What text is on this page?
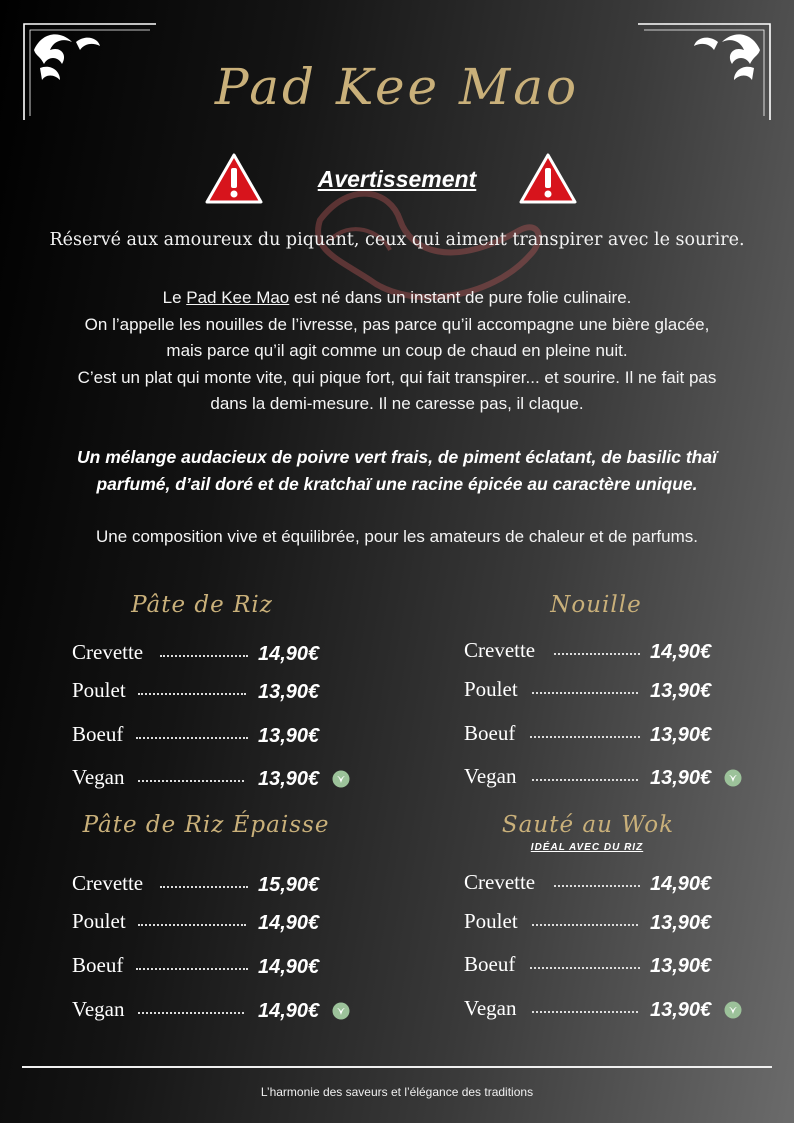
Pad Kee Mao
Avertissement
Réservé aux amoureux du piquant, ceux qui aiment transpirer avec le sourire.
Le Pad Kee Mao est né dans un instant de pure folie culinaire.
On l’appelle les nouilles de l’ivresse, pas parce qu’il accompagne une bière glacée,
mais parce qu’il agit comme un coup de chaud en pleine nuit.
C’est un plat qui monte vite, qui pique fort, qui fait transpirer... et sourire. Il ne fait pas
dans la demi-mesure. Il ne caresse pas, il claque.
Un mélange audacieux de poivre vert frais, de piment éclatant, de basilic thaï
parfumé, d’ail doré et de kratchaï une racine épicée au caractère unique.
Une composition vive et équilibrée, pour les amateurs de chaleur et de parfums.
Pâte de Riz	Nouille
Pâte de Riz Épaisse	Sauté au Wok
IDÉAL AVEC DU RIZ
Crevette	14,90€
Poulet	13,90€
Boeuf	13,90€
Vegan	13,90€
Crevette	14,90€
Poulet	13,90€
Boeuf	13,90€
Vegan	13,90€
Crevette	15,90€
Poulet	14,90€
Boeuf	14,90€
Vegan	14,90€
Crevette	14,90€
Poulet	13,90€
Boeuf	13,90€
Vegan	13,90€
L’harmonie des saveurs et l’élégance des traditions
